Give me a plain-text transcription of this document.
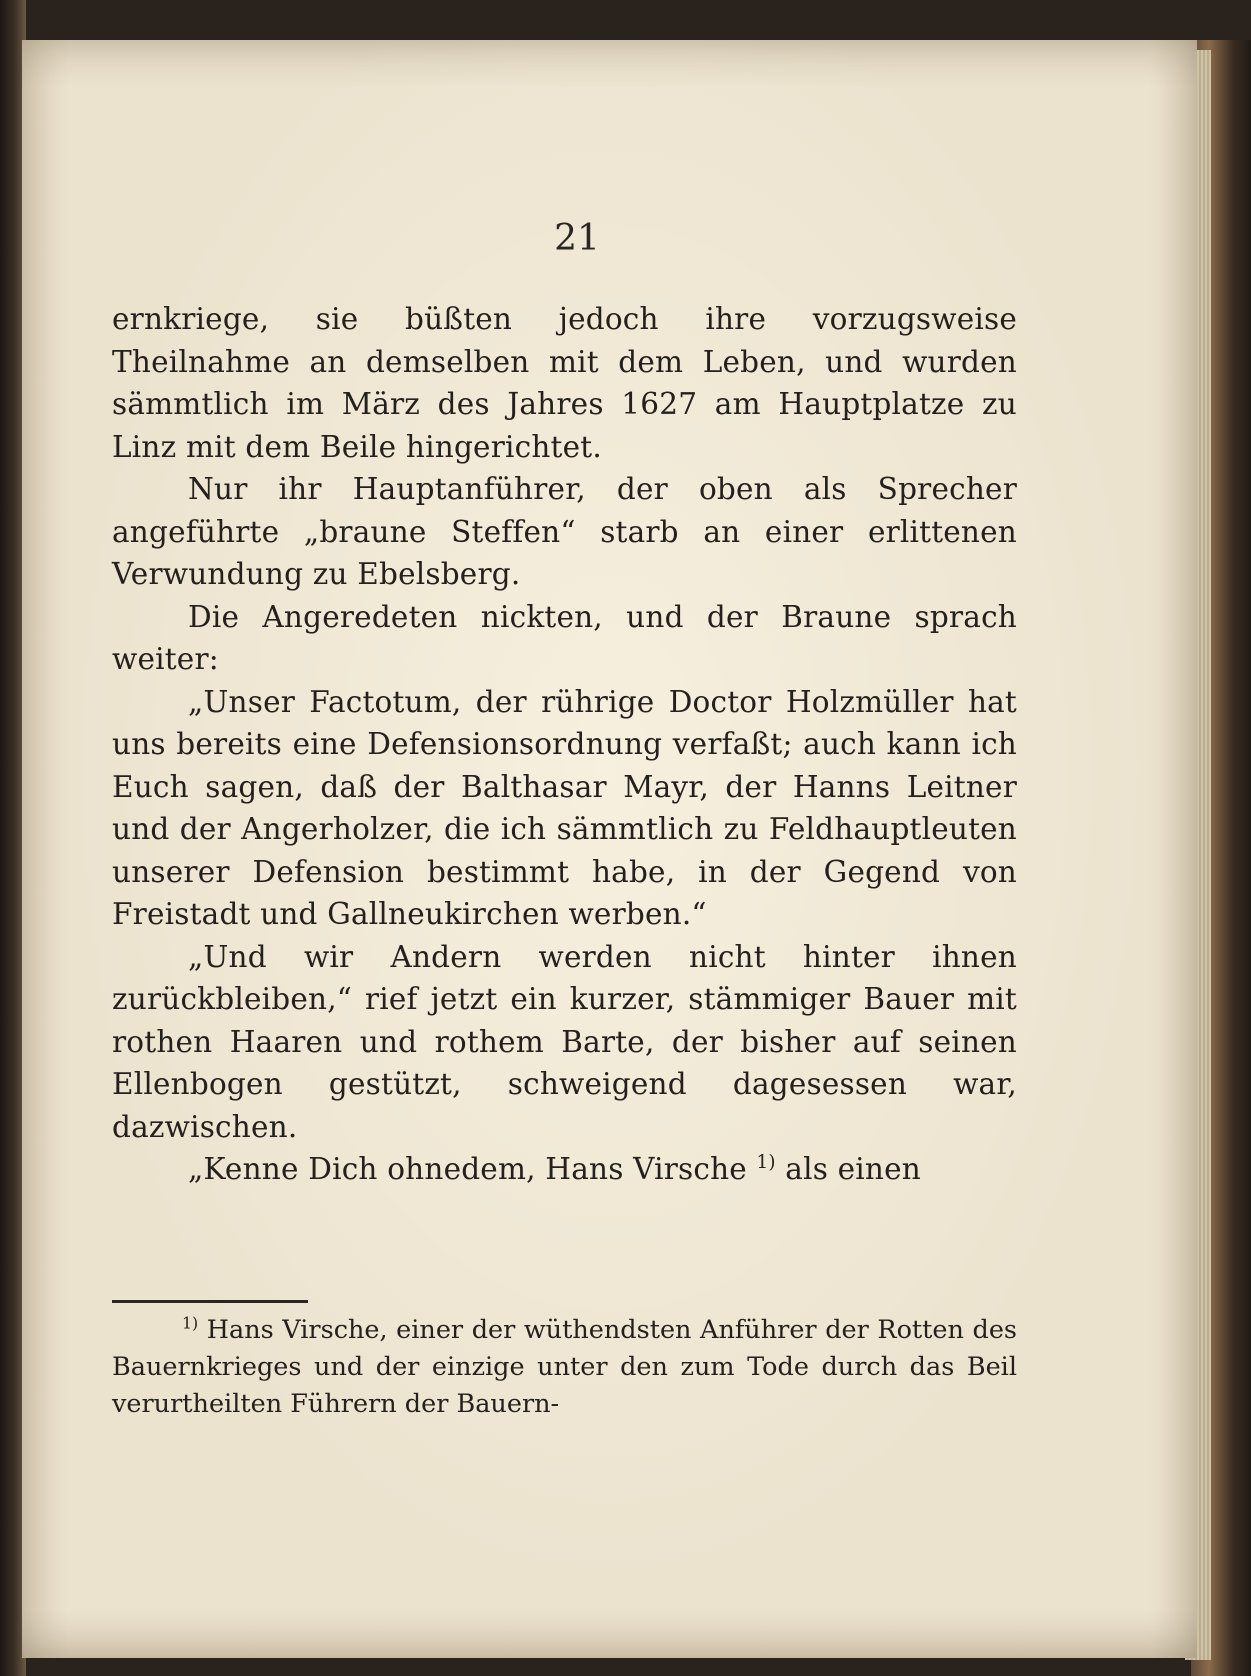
21

ernkriege, sie büßten jedoch ihre vorzugsweise Theilnahme an demselben mit dem Leben, und wurden sämmtlich im März des Jahres 1627 am Hauptplatze zu Linz mit dem Beile hingerichtet.

Nur ihr Hauptanführer, der oben als Sprecher angeführte „braune Steffen“ starb an einer erlittenen Verwundung zu Ebelsberg.

Die Angeredeten nickten, und der Braune sprach weiter:

„Unser Factotum, der rührige Doctor Holzmüller hat uns bereits eine Defensionsordnung verfaßt; auch kann ich Euch sagen, daß der Balthasar Mayr, der Hanns Leitner und der Angerholzer, die ich sämmtlich zu Feldhauptleuten unserer Defension bestimmt habe, in der Gegend von Freistadt und Gallneukirchen werben.“

„Und wir Andern werden nicht hinter ihnen zurückbleiben,“ rief jetzt ein kurzer, stämmiger Bauer mit rothen Haaren und rothem Barte, der bisher auf seinen Ellenbogen gestützt, schweigend dagesessen war, dazwischen.

„Kenne Dich ohnedem, Hans Virsche $^{1)}$ als einen

$^{1)}$ Hans Virsche, einer der wüthendsten Anführer der Rotten des Bauernkrieges und der einzige unter den zum Tode durch das Beil verurtheilten Führern der Bauern-
